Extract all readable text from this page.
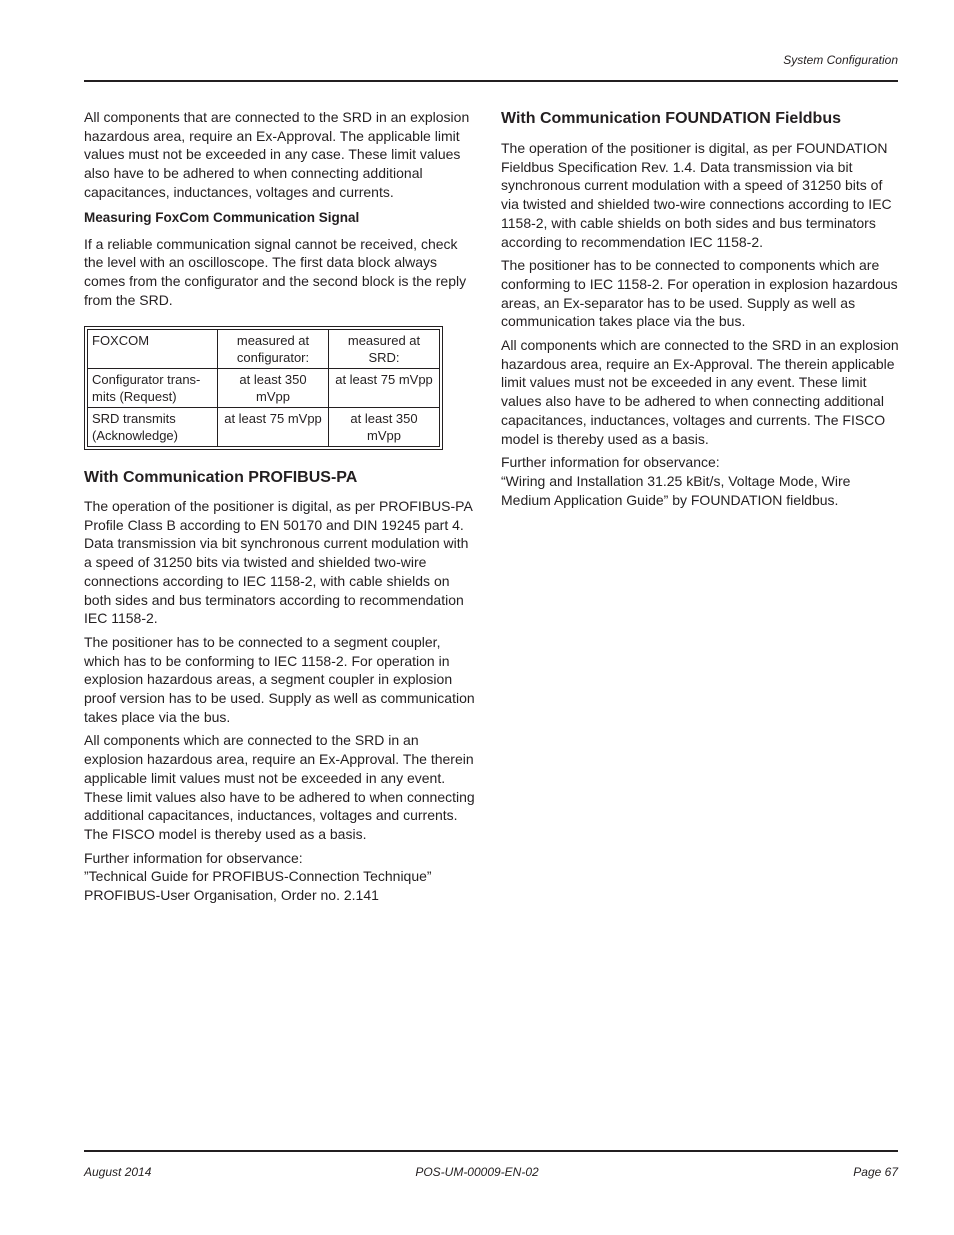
System Configuration

All components that are connected to the SRD in an explosion hazardous area, require an Ex-Approval. The applicable limit values must not be exceeded in any case. These limit values also have to be adhered to when connecting additional capacitances, inductances, voltages and currents.

Measuring FoxCom Communication Signal

If a reliable communication signal cannot be received, check the level with an oscilloscope. The first data block always comes from the configurator and the second block is the reply from the SRD.

FOXCOM	measured at configurator:	measured at SRD:
Configurator trans-mits (Request)	at least 350 mVpp	at least 75 mVpp
SRD transmits (Acknowledge)	at least 75 mVpp	at least 350 mVpp
With Communication PROFIBUS-PA

The operation of the positioner is digital, as per PROFIBUS-PA Profile Class B according to EN 50170 and DIN 19245 part 4. Data transmission via bit synchronous current modulation with a speed of 31250 bits via twisted and shielded two-wire connections according to IEC 1158-2, with cable shields on both sides and bus terminators according to recommendation IEC 1158-2.

The positioner has to be connected to a segment coupler, which has to be conforming to IEC 1158-2. For operation in explosion hazardous areas, a segment coupler in explosion proof version has to be used. Supply as well as communication takes place via the bus.

All components which are connected to the SRD in an explosion hazardous area, require an Ex-Approval. The therein applicable limit values must not be exceeded in any event. These limit values also have to be adhered to when connecting additional capacitances, inductances, voltages and currents. The FISCO model is thereby used as a basis.

Further information for observance:
”Technical Guide for PROFIBUS-Connection Technique” PROFIBUS-User Organisation, Order no. 2.141

With Communication FOUNDATION Fieldbus

The operation of the positioner is digital, as per FOUNDATION Fieldbus Specification Rev. 1.4. Data transmission via bit synchronous current modulation with a speed of 31250 bits of via twisted and shielded two-wire connections according to IEC 1158-2, with cable shields on both sides and bus terminators according to recommendation IEC 1158-2.

The positioner has to be connected to components which are conforming to IEC 1158-2. For operation in explosion hazardous areas, an Ex-separator has to be used. Supply as well as communication takes place via the bus.

All components which are connected to the SRD in an explosion hazardous area, require an Ex-Approval. The therein applicable limit values must not be exceeded in any event. These limit values also have to be adhered to when connecting additional capacitances, inductances, voltages and currents. The FISCO model is thereby used as a basis.

Further information for observance:
“Wiring and Installation 31.25 kBit/s, Voltage Mode, Wire Medium Application Guide” by FOUNDATION fieldbus.

August 2014	POS-UM-00009-EN-02	Page 67
